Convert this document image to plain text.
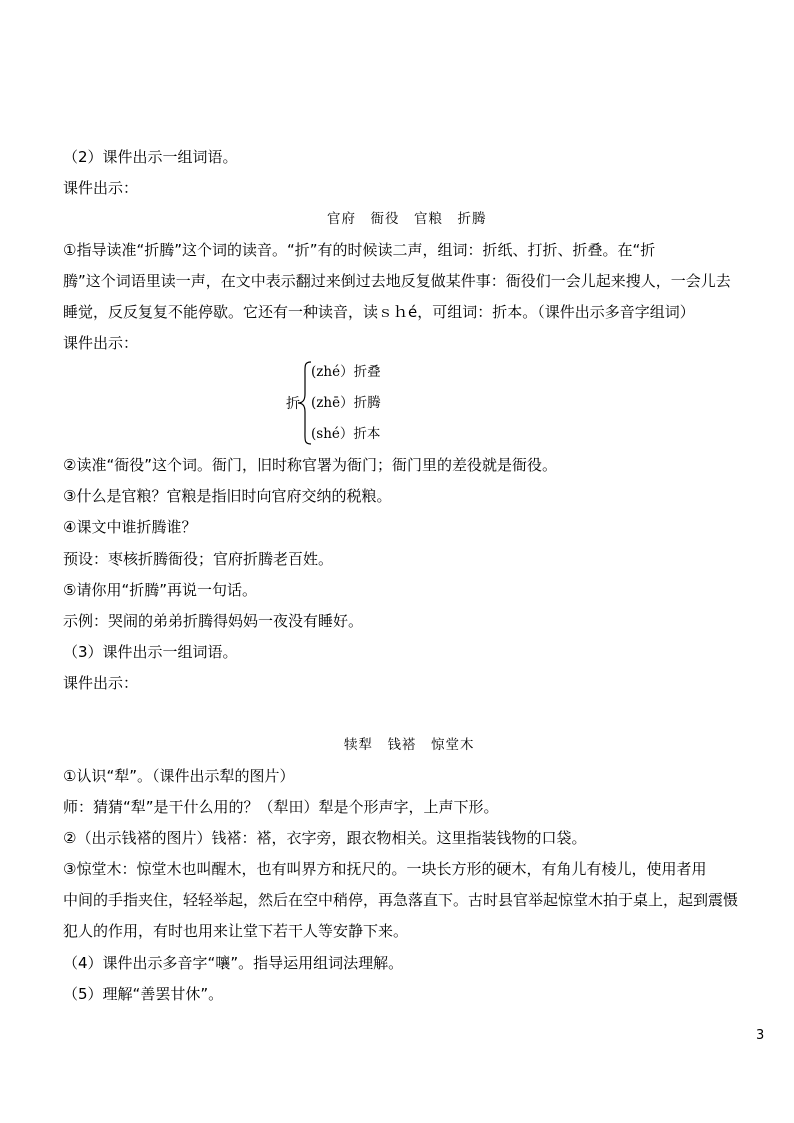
（2）课件出示一组词语。
课件出示：
官府　衙役　官粮　折腾
①指导读准“折腾”这个词的读音。“折”有的时候读二声，组词：折纸、打折、折叠。在“折
腾”这个词语里读一声，在文中表示翻过来倒过去地反复做某件事：衙役们一会儿起来搜人，一会儿去
睡觉，反反复复不能停歇。它还有一种读音，读ｓｈé，可组词：折本。（课件出示多音字组词）
课件出示：
折
(zhé）折叠
(zhē）折腾
(shé）折本
②读准“衙役”这个词。衙门，旧时称官署为衙门；衙门里的差役就是衙役。
③什么是官粮？官粮是指旧时向官府交纳的税粮。
④课文中谁折腾谁？
预设：枣核折腾衙役；官府折腾老百姓。
⑤请你用“折腾”再说一句话。
示例：哭闹的弟弟折腾得妈妈一夜没有睡好。
（3）课件出示一组词语。
课件出示：
犊犁　钱褡　惊堂木
①认识“犁”。（课件出示犁的图片）
师：猜猜“犁”是干什么用的？（犁田）犁是个形声字，上声下形。
②（出示钱褡的图片）钱褡：褡，衣字旁，跟衣物相关。这里指装钱物的口袋。
③惊堂木：惊堂木也叫醒木，也有叫界方和抚尺的。一块长方形的硬木，有角儿有棱儿，使用者用
中间的手指夹住，轻轻举起，然后在空中稍停，再急落直下。古时县官举起惊堂木拍于桌上，起到震慑
犯人的作用，有时也用来让堂下若干人等安静下来。
（4）课件出示多音字“嚷”。指导运用组词法理解。
（5）理解“善罢甘休”。
3
